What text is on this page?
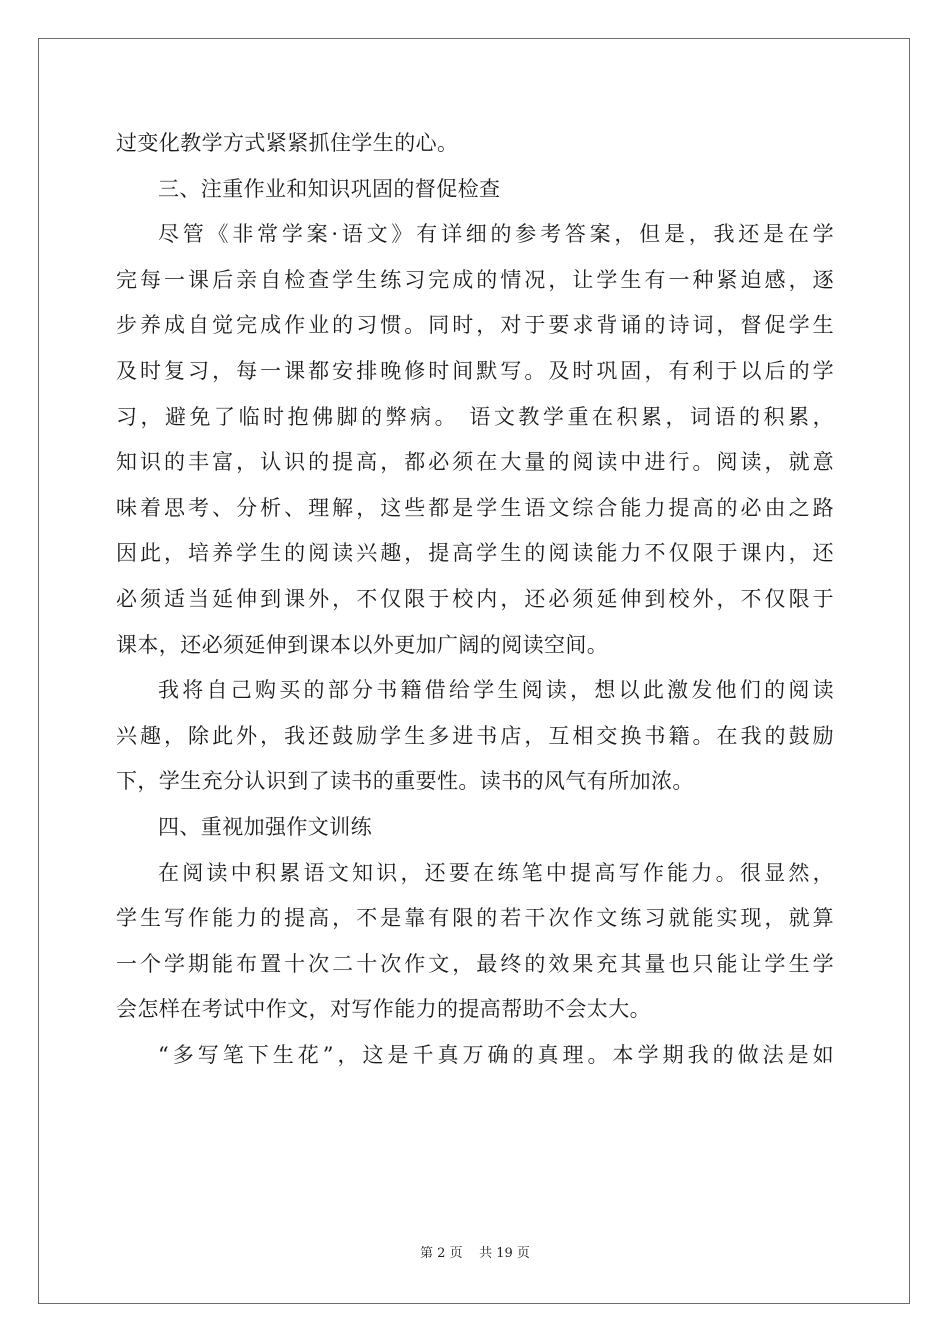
过变化教学方式紧紧抓住学生的心。
三、注重作业和知识巩固的督促检查
尽管《非常学案·语文》有详细的参考答案，但是，我还是在学
完每一课后亲自检查学生练习完成的情况，让学生有一种紧迫感，逐
步养成自觉完成作业的习惯。同时，对于要求背诵的诗词，督促学生
及时复习，每一课都安排晚修时间默写。及时巩固，有利于以后的学
习，避免了临时抱佛脚的弊病。 语文教学重在积累，词语的积累，
知识的丰富，认识的提高，都必须在大量的阅读中进行。阅读，就意
味着思考、分析、理解，这些都是学生语文综合能力提高的必由之路
因此，培养学生的阅读兴趣，提高学生的阅读能力不仅限于课内，还
必须适当延伸到课外，不仅限于校内，还必须延伸到校外，不仅限于
课本，还必须延伸到课本以外更加广阔的阅读空间。
我将自己购买的部分书籍借给学生阅读，想以此激发他们的阅读
兴趣，除此外，我还鼓励学生多进书店，互相交换书籍。在我的鼓励
下，学生充分认识到了读书的重要性。读书的风气有所加浓。
四、重视加强作文训练
在阅读中积累语文知识，还要在练笔中提高写作能力。很显然，
学生写作能力的提高，不是靠有限的若干次作文练习就能实现，就算
一个学期能布置十次二十次作文，最终的效果充其量也只能让学生学
会怎样在考试中作文，对写作能力的提高帮助不会太大。
“多写笔下生花”，这是千真万确的真理。本学期我的做法是如
第 2 页 共 19 页
